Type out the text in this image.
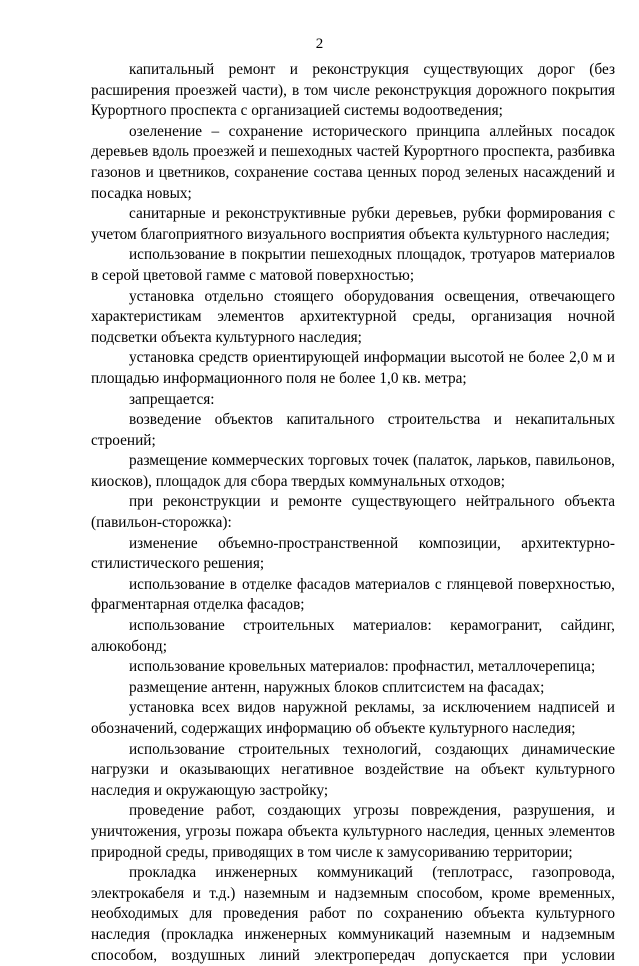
2

капитальный ремонт и реконструкция существующих дорог (без расширения проезжей части), в том числе реконструкция дорожного покрытия Курортного проспекта с организацией системы водоотведения;

озеленение – сохранение исторического принципа аллейных посадок деревьев вдоль проезжей и пешеходных частей Курортного проспекта, разбивка газонов и цветников, сохранение состава ценных пород зеленых насаждений и посадка новых;

санитарные и реконструктивные рубки деревьев, рубки формирования с учетом благоприятного визуального восприятия объекта культурного наследия;

использование в покрытии пешеходных площадок, тротуаров материалов в серой цветовой гамме с матовой поверхностью;

установка отдельно стоящего оборудования освещения, отвечающего характеристикам элементов архитектурной среды, организация ночной подсветки объекта культурного наследия;

установка средств ориентирующей информации высотой не более 2,0 м и площадью информационного поля не более 1,0 кв. метра;

запрещается:

возведение объектов капитального строительства и некапитальных строений;

размещение коммерческих торговых точек (палаток, ларьков, павильонов, киосков), площадок для сбора твердых коммунальных отходов;

при реконструкции и ремонте существующего нейтрального объекта (павильон-сторожка):

изменение объемно-пространственной композиции, архитектурно-стилистического решения;

использование в отделке фасадов материалов с глянцевой поверхностью, фрагментарная отделка фасадов;

использование строительных материалов: керамогранит, сайдинг, алюкобонд;

использование кровельных материалов: профнастил, металлочерепица;

размещение антенн, наружных блоков сплитсистем на фасадах;

установка всех видов наружной рекламы, за исключением надписей и обозначений, содержащих информацию об объекте культурного наследия;

использование строительных технологий, создающих динамические нагрузки и оказывающих негативное воздействие на объект культурного наследия и окружающую застройку;

проведение работ, создающих угрозы повреждения, разрушения, и уничтожения, угрозы пожара объекта культурного наследия, ценных элементов природной среды, приводящих в том числе к замусориванию территории;

прокладка инженерных коммуникаций (теплотрасс, газопровода, электрокабеля и т.д.) наземным и надземным способом, кроме временных, необходимых для проведения работ по сохранению объекта культурного наследия (прокладка инженерных коммуникаций наземным и надземным способом, воздушных линий электропередач допускается при условии
